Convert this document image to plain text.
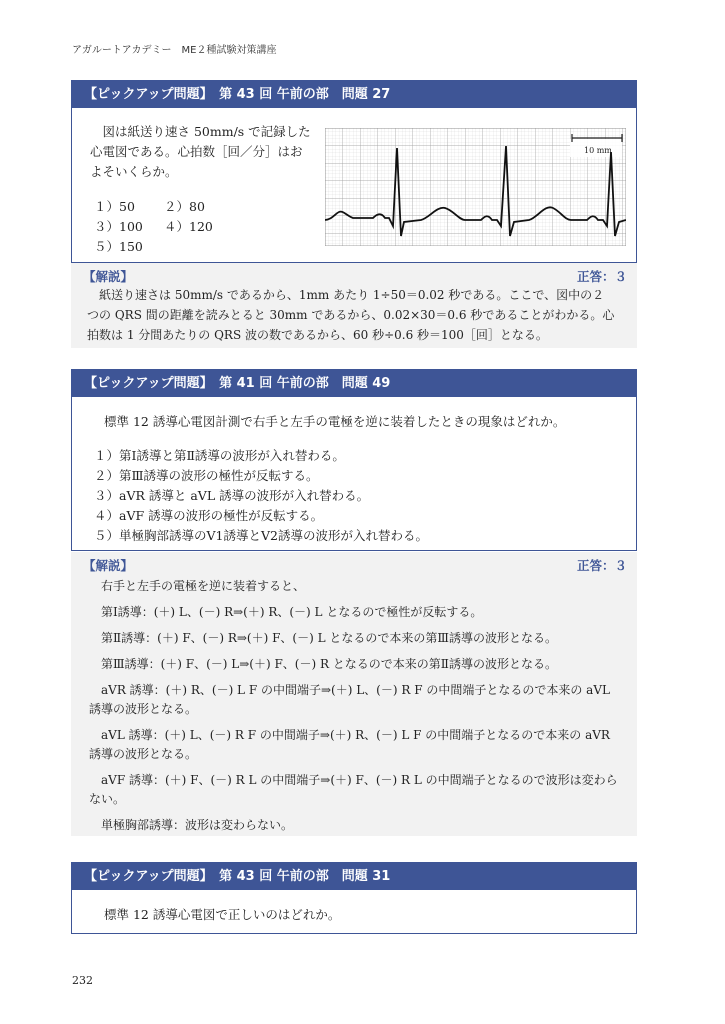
アガルートアカデミー　ME２種試験対策講座
【ピックアップ問題】　第 43 回 午前の部　問題 27
図は紙送り速さ 50mm/s で記録した
心電図である。心拍数［回／分］はお
よそいくらか。
１）50 ２）80
３）100 ４）120
５）150
10 mm
【解説】	正答：３
紙送り速さは 50mm/s であるから、1mm あたり 1÷50＝0.02 秒である。ここで、図中の２
つの QRS 間の距離を読みとると 30mm であるから、0.02×30＝0.6 秒であることがわかる。心
拍数は 1 分間あたりの QRS 波の数であるから、60 秒÷0.6 秒＝100［回］となる。
【ピックアップ問題】　第 41 回 午前の部　問題 49
標準 12 誘導心電図計測で右手と左手の電極を逆に装着したときの現象はどれか。
１）第Ⅰ誘導と第Ⅱ誘導の波形が入れ替わる。
２）第Ⅲ誘導の波形の極性が反転する。
３）aVR 誘導と aVL 誘導の波形が入れ替わる。
４）aVF 誘導の波形の極性が反転する。
５）単極胸部誘導のV1誘導とV2誘導の波形が入れ替わる。
【解説】	正答：３

右手と左手の電極を逆に装着すると、

第Ⅰ誘導：(＋) L、(－) R⇒(＋) R、(－) L となるので極性が反転する。

第Ⅱ誘導：(＋) F、(－) R⇒(＋) F、(－) L となるので本来の第Ⅲ誘導の波形となる。

第Ⅲ誘導：(＋) F、(－) L⇒(＋) F、(－) R となるので本来の第Ⅱ誘導の波形となる。

aVR 誘導：(＋) R、(－) L F の中間端子⇒(＋) L、(－) R F の中間端子となるので本来の aVL 誘導の波形となる。

aVL 誘導：(＋) L、(－) R F の中間端子⇒(＋) R、(－) L F の中間端子となるので本来の aVR 誘導の波形となる。

aVF 誘導：(＋) F、(－) R L の中間端子⇒(＋) F、(－) R L の中間端子となるので波形は変わらない。

単極胸部誘導：波形は変わらない。

【ピックアップ問題】　第 43 回 午前の部　問題 31
標準 12 誘導心電図で正しいのはどれか。
232
